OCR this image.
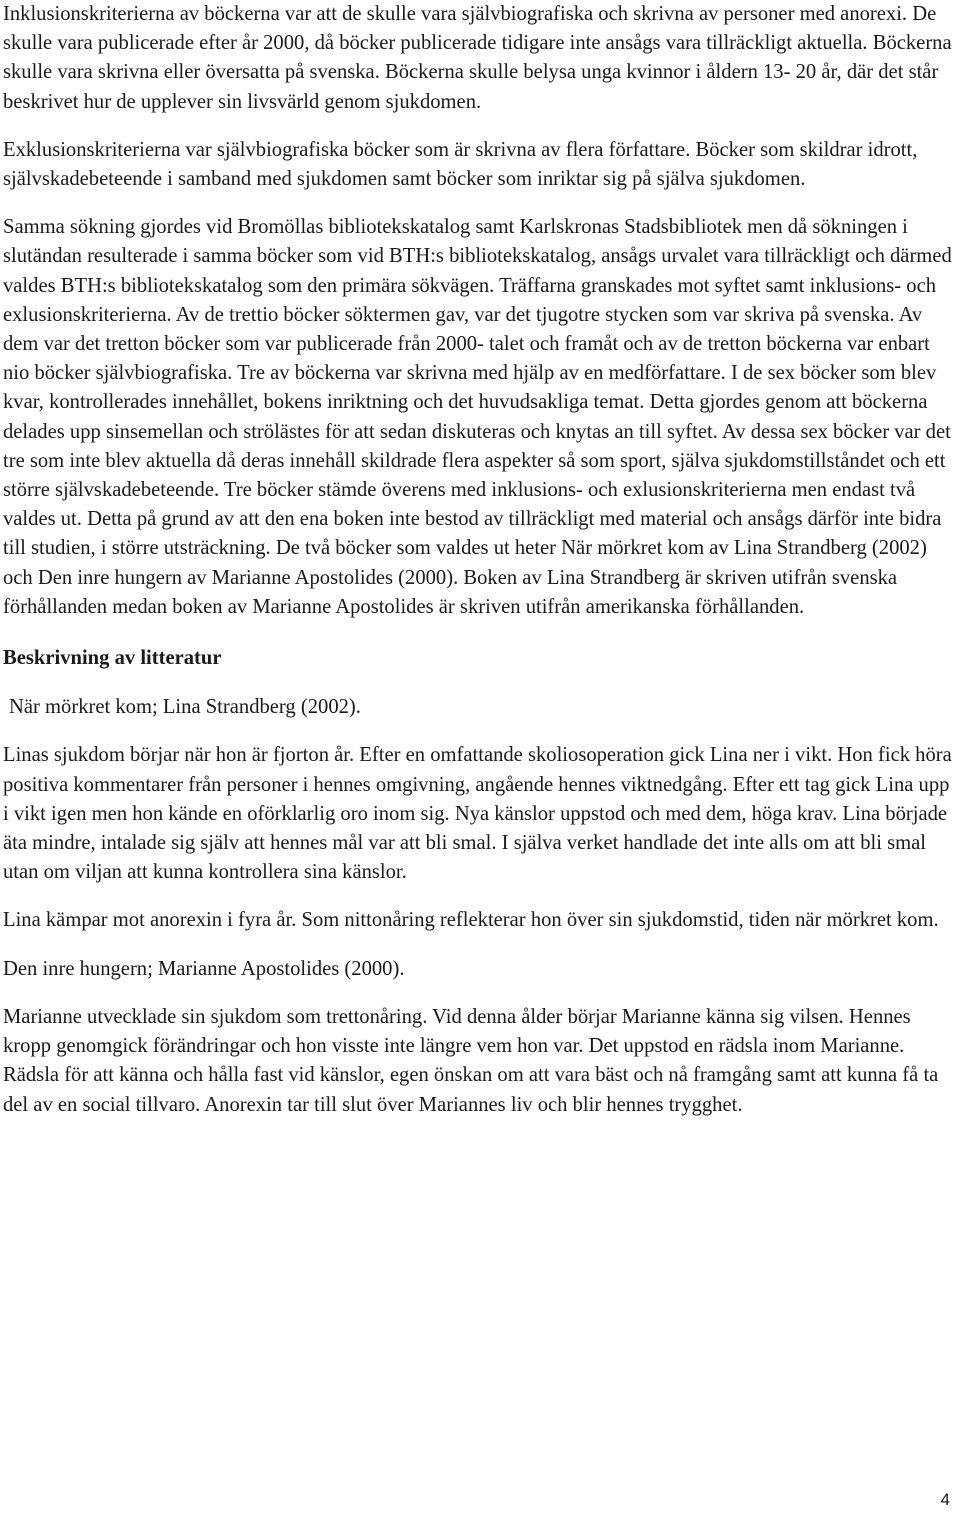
Inklusionskriterierna av böckerna var att de skulle vara självbiografiska och skrivna av personer med anorexi. De skulle vara publicerade efter år 2000, då böcker publicerade tidigare inte ansågs vara tillräckligt aktuella. Böckerna skulle vara skrivna eller översatta på svenska. Böckerna skulle belysa unga kvinnor i åldern 13- 20 år, där det står beskrivet hur de upplever sin livsvärld genom sjukdomen.

Exklusionskriterierna var självbiografiska böcker som är skrivna av flera författare. Böcker som skildrar idrott, självskadebeteende i samband med sjukdomen samt böcker som inriktar sig på själva sjukdomen.

Samma sökning gjordes vid Bromöllas bibliotekskatalog samt Karlskronas Stadsbibliotek men då sökningen i slutändan resulterade i samma böcker som vid BTH:s bibliotekskatalog, ansågs urvalet vara tillräckligt och därmed valdes BTH:s bibliotekskatalog som den primära sökvägen. Träffarna granskades mot syftet samt inklusions- och exlusionskriterierna. Av de trettio böcker söktermen gav, var det tjugotre stycken som var skriva på svenska. Av dem var det tretton böcker som var publicerade från 2000- talet och framåt och av de tretton böckerna var enbart nio böcker självbiografiska. Tre av böckerna var skrivna med hjälp av en medförfattare. I de sex böcker som blev kvar, kontrollerades innehållet, bokens inriktning och det huvudsakliga temat. Detta gjordes genom att böckerna delades upp sinsemellan och strölästes för att sedan diskuteras och knytas an till syftet. Av dessa sex böcker var det tre som inte blev aktuella då deras innehåll skildrade flera aspekter så som sport, själva sjukdomstillståndet och ett större självskadebeteende. Tre böcker stämde överens med inklusions- och exlusionskriterierna men endast två valdes ut. Detta på grund av att den ena boken inte bestod av tillräckligt med material och ansågs därför inte bidra till studien, i större utsträckning. De två böcker som valdes ut heter När mörkret kom av Lina Strandberg (2002) och Den inre hungern av Marianne Apostolides (2000). Boken av Lina Strandberg är skriven utifrån svenska förhållanden medan boken av Marianne Apostolides är skriven utifrån amerikanska förhållanden.

Beskrivning av litteratur

När mörkret kom; Lina Strandberg (2002).

Linas sjukdom börjar när hon är fjorton år. Efter en omfattande skoliosoperation gick Lina ner i vikt. Hon fick höra positiva kommentarer från personer i hennes omgivning, angående hennes viktnedgång. Efter ett tag gick Lina upp i vikt igen men hon kände en oförklarlig oro inom sig. Nya känslor uppstod och med dem, höga krav. Lina började äta mindre, intalade sig själv att hennes mål var att bli smal. I själva verket handlade det inte alls om att bli smal utan om viljan att kunna kontrollera sina känslor.

Lina kämpar mot anorexin i fyra år. Som nittonåring reflekterar hon över sin sjukdomstid, tiden när mörkret kom.

Den inre hungern; Marianne Apostolides (2000).

Marianne utvecklade sin sjukdom som trettonåring. Vid denna ålder börjar Marianne känna sig vilsen. Hennes kropp genomgick förändringar och hon visste inte längre vem hon var. Det uppstod en rädsla inom Marianne. Rädsla för att känna och hålla fast vid känslor, egen önskan om att vara bäst och nå framgång samt att kunna få ta del av en social tillvaro. Anorexin tar till slut över Mariannes liv och blir hennes trygghet.

4
